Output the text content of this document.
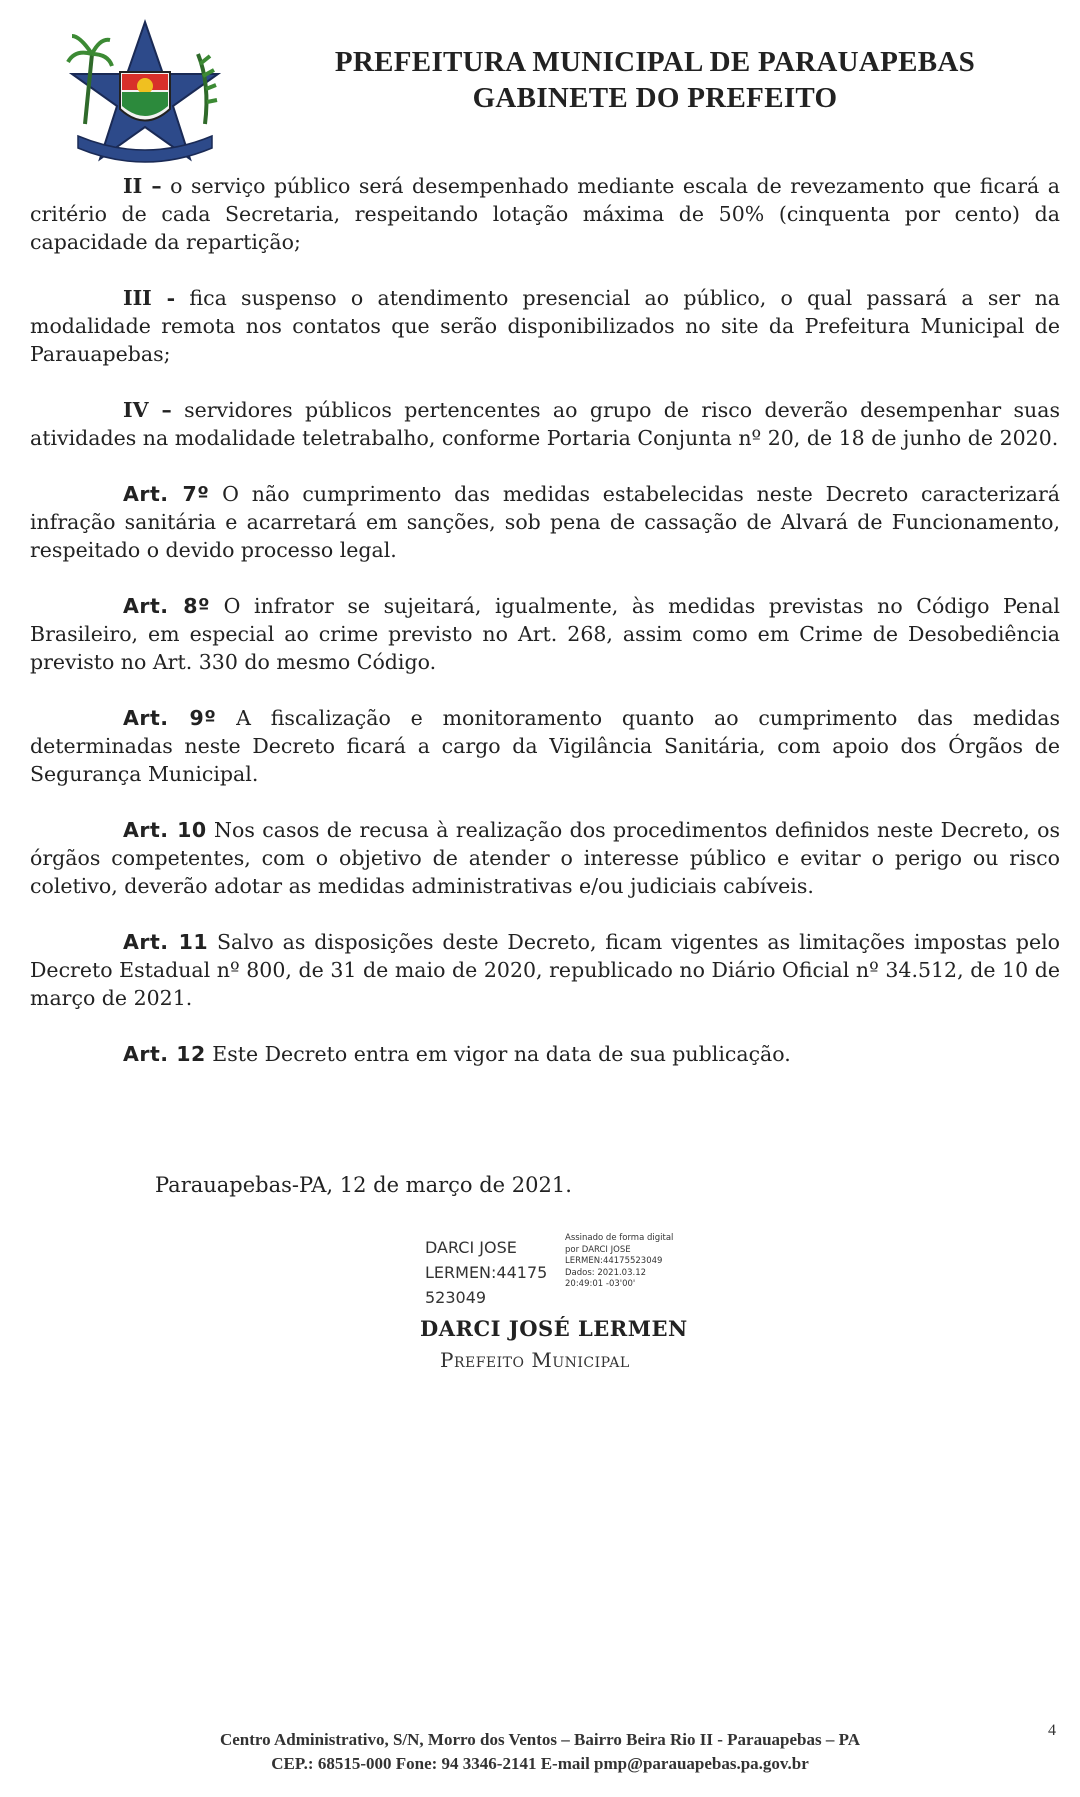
PREFEITURA MUNICIPAL DE PARAUAPEBAS
GABINETE DO PREFEITO

II – o serviço público será desempenhado mediante escala de revezamento que ficará a critério de cada Secretaria, respeitando lotação máxima de 50% (cinquenta por cento) da capacidade da repartição;

III - fica suspenso o atendimento presencial ao público, o qual passará a ser na modalidade remota nos contatos que serão disponibilizados no site da Prefeitura Municipal de Parauapebas;

IV – servidores públicos pertencentes ao grupo de risco deverão desempenhar suas atividades na modalidade teletrabalho, conforme Portaria Conjunta nº 20, de 18 de junho de 2020.

Art. 7º O não cumprimento das medidas estabelecidas neste Decreto caracterizará infração sanitária e acarretará em sanções, sob pena de cassação de Alvará de Funcionamento, respeitado o devido processo legal.

Art. 8º O infrator se sujeitará, igualmente, às medidas previstas no Código Penal Brasileiro, em especial ao crime previsto no Art. 268, assim como em Crime de Desobediência previsto no Art. 330 do mesmo Código.

Art. 9º A fiscalização e monitoramento quanto ao cumprimento das medidas determinadas neste Decreto ficará a cargo da Vigilância Sanitária, com apoio dos Órgãos de Segurança Municipal.

Art. 10 Nos casos de recusa à realização dos procedimentos definidos neste Decreto, os órgãos competentes, com o objetivo de atender o interesse público e evitar o perigo ou risco coletivo, deverão adotar as medidas administrativas e/ou judiciais cabíveis.

Art. 11 Salvo as disposições deste Decreto, ficam vigentes as limitações impostas pelo Decreto Estadual nº 800, de 31 de maio de 2020, republicado no Diário Oficial nº 34.512, de 10 de março de 2021.

Art. 12 Este Decreto entra em vigor na data de sua publicação.

Parauapebas-PA, 12 de março de 2021.
DARCI JOSE
LERMEN:44175
523049
Assinado de forma digital
por DARCI JOSE
LERMEN:44175523049
Dados: 2021.03.12
20:49:01 -03'00'
DARCI JOSÉ LERMEN
Prefeito Municipal
4
Centro Administrativo, S/N, Morro dos Ventos – Bairro Beira Rio II - Parauapebas – PA
CEP.: 68515-000 Fone: 94 3346-2141 E-mail pmp@parauapebas.pa.gov.br
